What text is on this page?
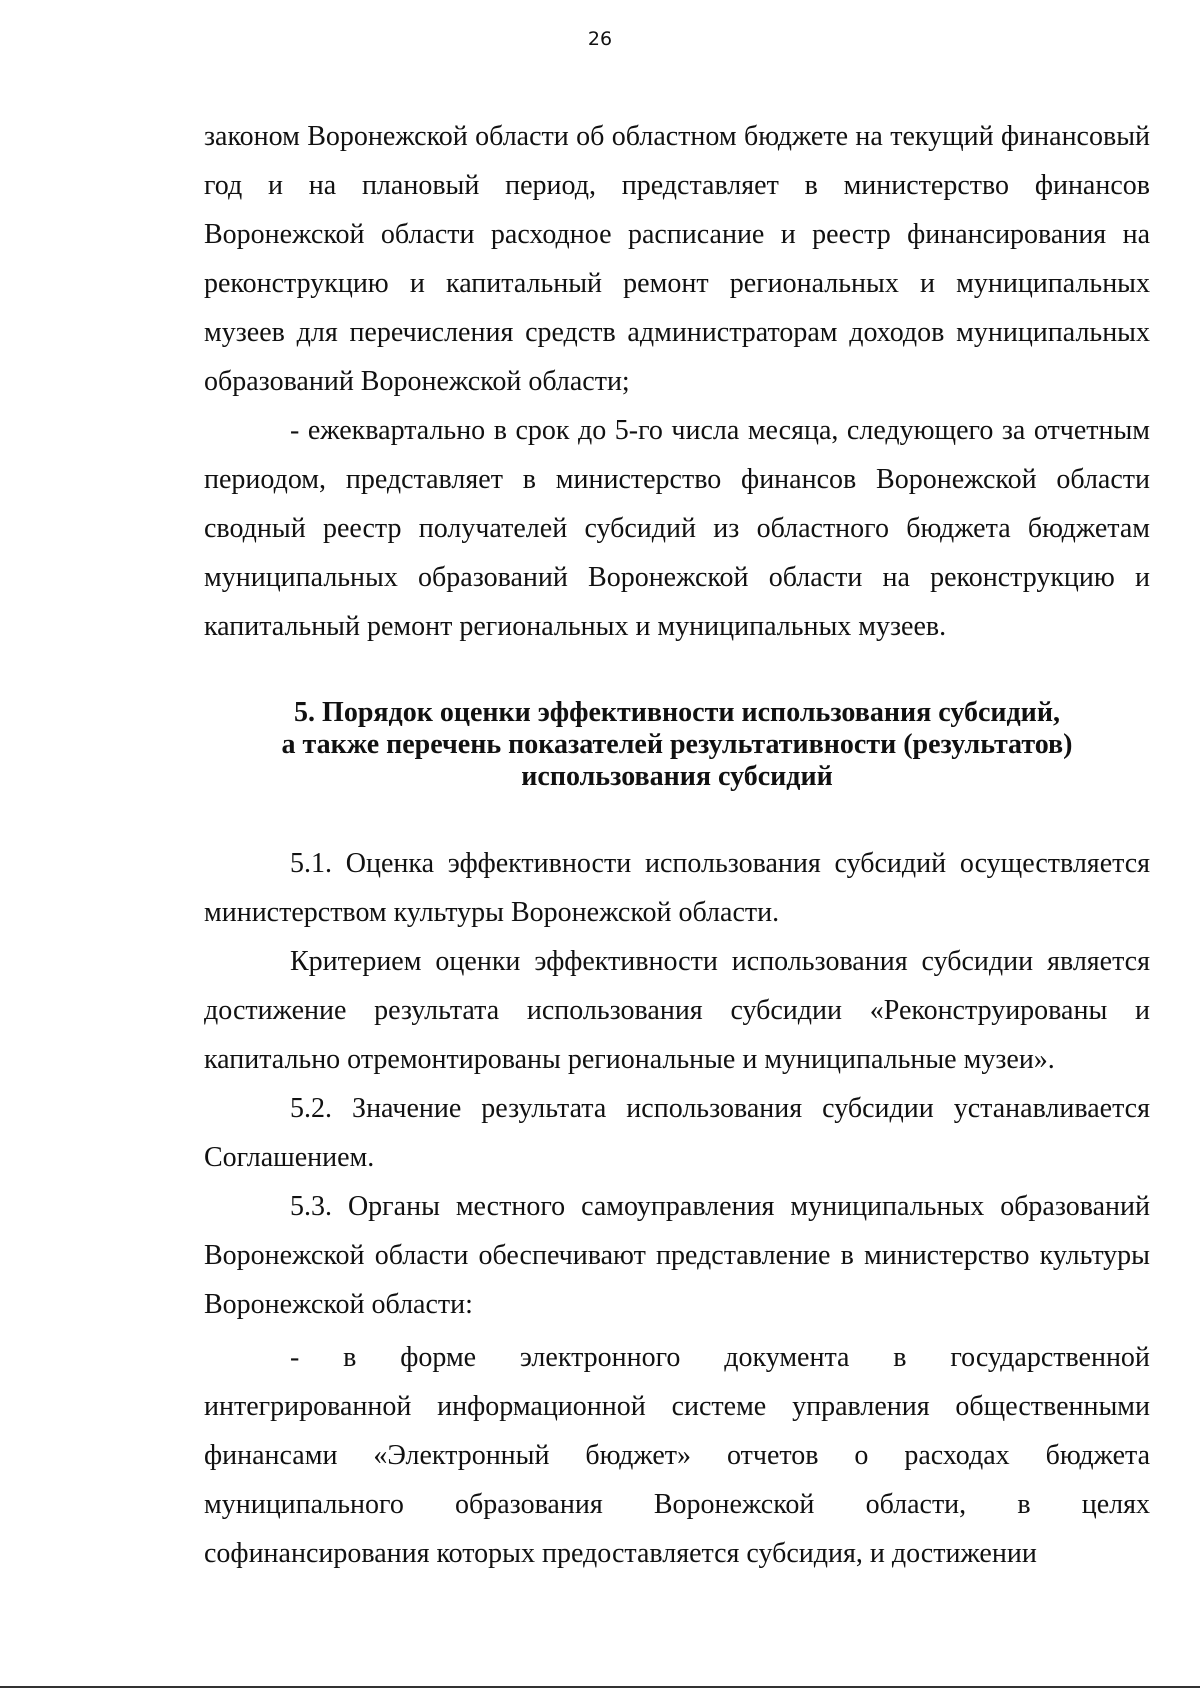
26

законом Воронежской области об областном бюджете на текущий финансовый год и на плановый период, представляет в министерство финансов Воронежской области расходное расписание и реестр финансирования на реконструкцию и капитальный ремонт региональных и муниципальных музеев для перечисления средств администраторам доходов муниципальных образований Воронежской области;

- ежеквартально в срок до 5-го числа месяца, следующего за отчетным периодом, представляет в министерство финансов Воронежской области сводный реестр получателей субсидий из областного бюджета бюджетам муниципальных образований Воронежской области на реконструкцию и капитальный ремонт региональных и муниципальных музеев.

5. Порядок оценки эффективности использования субсидий,
а также перечень показателей результативности (результатов)
использования субсидий

5.1. Оценка эффективности использования субсидий осуществляется министерством культуры Воронежской области.

Критерием оценки эффективности использования субсидии является достижение результата использования субсидии «Реконструированы и капитально отремонтированы региональные и муниципальные музеи».

5.2. Значение результата использования субсидии устанавливается Соглашением.

5.3. Органы местного самоуправления муниципальных образований Воронежской области обеспечивают представление в министерство культуры Воронежской области:

- в форме электронного документа в государственной

интегрированной информационной системе управления общественными финансами «Электронный бюджет» отчетов о расходах бюджета муниципального образования Воронежской области, в целях софинансирования которых предоставляется субсидия, и достижении
